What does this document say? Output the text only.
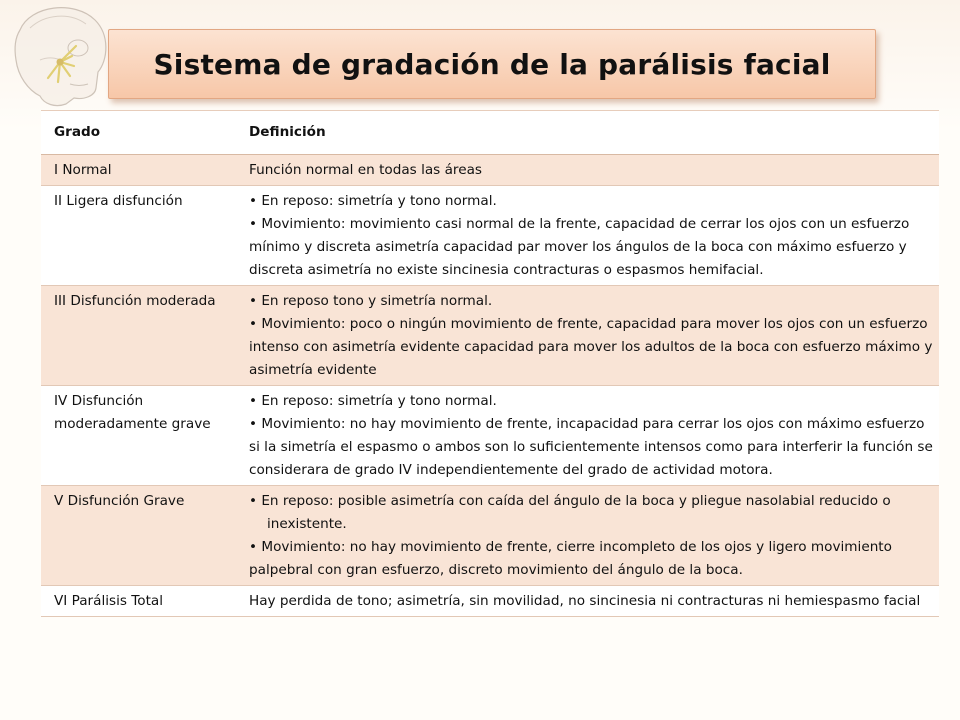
Sistema de gradación de la parálisis facial
Grado	Definición
I Normal	Función normal en todas las áreas

II Ligera disfunción	• En reposo: simetría y tono normal.
• Movimiento: movimiento casi normal de la frente, capacidad de cerrar los ojos con un esfuerzo mínimo y discreta asimetría capacidad par mover los ángulos de la boca con máximo esfuerzo y discreta asimetría no existe sincinesia contracturas o espasmos hemifacial.

III Disfunción moderada	• En reposo tono y simetría normal.
• Movimiento: poco o ningún movimiento de frente, capacidad para mover los ojos con un esfuerzo intenso con asimetría evidente capacidad para mover los adultos de la boca con esfuerzo máximo y asimetría evidente

IV Disfunción moderadamente grave	• En reposo: simetría y tono normal.
• Movimiento: no hay movimiento de frente, incapacidad para cerrar los ojos con máximo esfuerzo si la simetría el espasmo o ambos son lo suficientemente intensos como para interferir la función se
considerara de grado IV independientemente del grado de actividad motora.

V Disfunción Grave	• En reposo: posible asimetría con caída del ángulo de la boca y pliegue nasolabial reducido o inexistente.
• Movimiento: no hay movimiento de frente, cierre incompleto de los ojos y ligero movimiento palpebral con gran esfuerzo, discreto movimiento del ángulo de la boca.

VI Parálisis Total	Hay perdida de tono; asimetría, sin movilidad, no sincinesia ni contracturas ni hemiespasmo facial
